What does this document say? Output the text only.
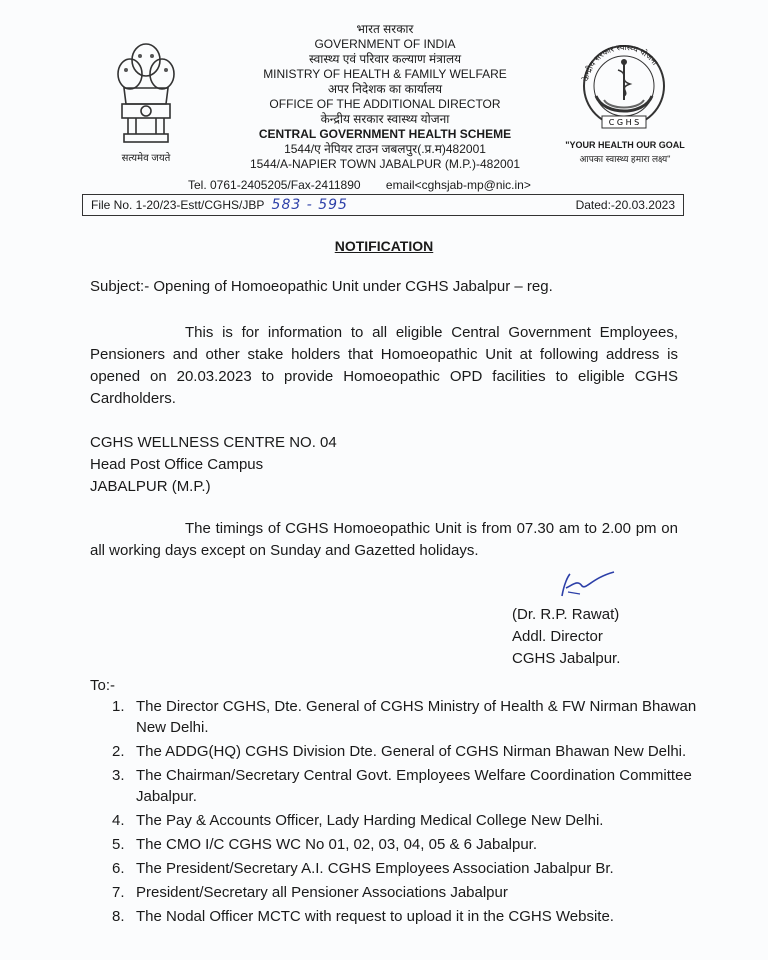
सत्यमेव जयते
भारत सरकार
GOVERNMENT OF INDIA
स्वास्थ्य एवं परिवार कल्याण मंत्रालय
MINISTRY OF HEALTH & FAMILY WELFARE
अपर निदेशक का कार्यालय
OFFICE OF THE ADDITIONAL DIRECTOR
केन्द्रीय सरकार स्वास्थ्य योजना
CENTRAL GOVERNMENT HEALTH SCHEME
1544/ए नेपियर टाउन जबलपुर(.प्र.म)482001
1544/A-NAPIER TOWN JABALPUR (M.P.)-482001
केन्द्रीय सरकार स्वास्थ्य योजना
C G H S
"YOUR HEALTH OUR GOAL
आपका स्वास्थ्य हमारा लक्ष्य"
Tel. 0761-2405205/Fax-2411890 email<cghsjab-mp@nic.in>
File No. 1-20/23-Estt/CGHS/JBP 583 - 595	Dated:-20.03.2023
NOTIFICATION
Subject:- Opening of Homoeopathic Unit under CGHS Jabalpur – reg.
This is for information to all eligible Central Government Employees, Pensioners and other stake holders that Homoeopathic Unit at following address is opened on 20.03.2023 to provide Homoeopathic OPD facilities to eligible CGHS Cardholders.
CGHS WELLNESS CENTRE NO. 04
Head Post Office Campus
JABALPUR (M.P.)
The timings of CGHS Homoeopathic Unit is from 07.30 am to 2.00 pm on all working days except on Sunday and Gazetted holidays.
(Dr. R.P. Rawat)
Addl. Director
CGHS Jabalpur.
To:-
1. The Director CGHS, Dte. General of CGHS Ministry of Health & FW Nirman Bhawan New Delhi.
2. The ADDG(HQ) CGHS Division Dte. General of CGHS Nirman Bhawan New Delhi.
3. The Chairman/Secretary Central Govt. Employees Welfare Coordination Committee Jabalpur.
4. The Pay & Accounts Officer, Lady Harding Medical College New Delhi.
5. The CMO I/C CGHS WC No 01, 02, 03, 04, 05 & 6 Jabalpur.
6. The President/Secretary A.I. CGHS Employees Association Jabalpur Br.
7. President/Secretary all Pensioner Associations Jabalpur
8. The Nodal Officer MCTC with request to upload it in the CGHS Website.
